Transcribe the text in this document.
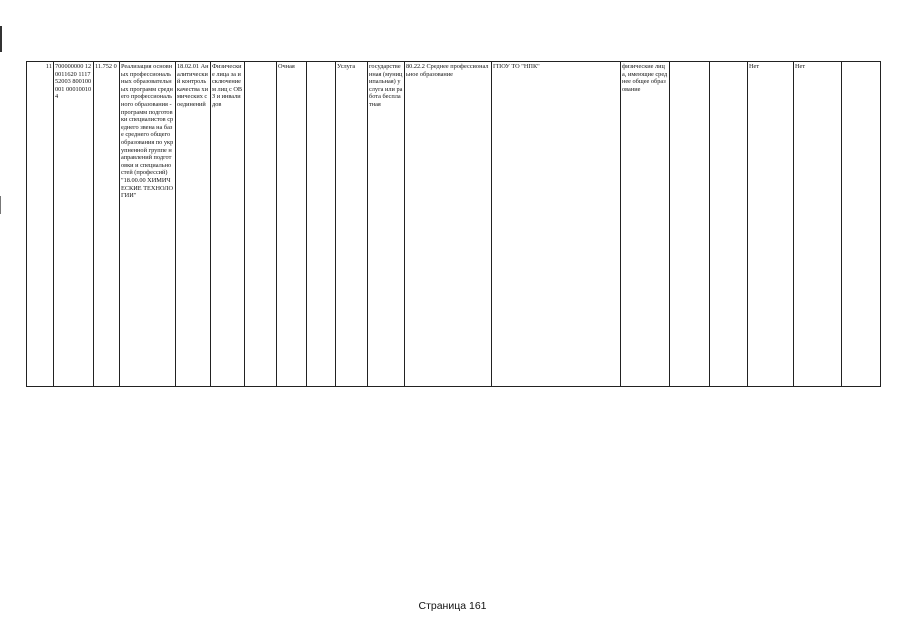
11	700000000 120011620 111752003 800100001 000100104	11.752 0	Реализация основных профессиональных образовательных программ среднего профессионального образования - программ подготовки специалистов среднего звена на базе среднего общего образования по укрупненной группе направлений подготовки и специальностей (профессий) "18.00.00 ХИМИЧЕСКИЕ ТЕХНОЛОГИИ"	18.02.01 Аналитический контроль качества химических соединений	Физические лица за исключением лиц с ОВЗ и инвалидов		Очная		Услуга	государственная (муниципальная) услуга или работа бесплатная	80.22.2 Среднее профессиональное образование	ГПОУ ТО "НПК"	физические лица, имеющие среднее общее образование			Нет	Нет	
Страница 161
